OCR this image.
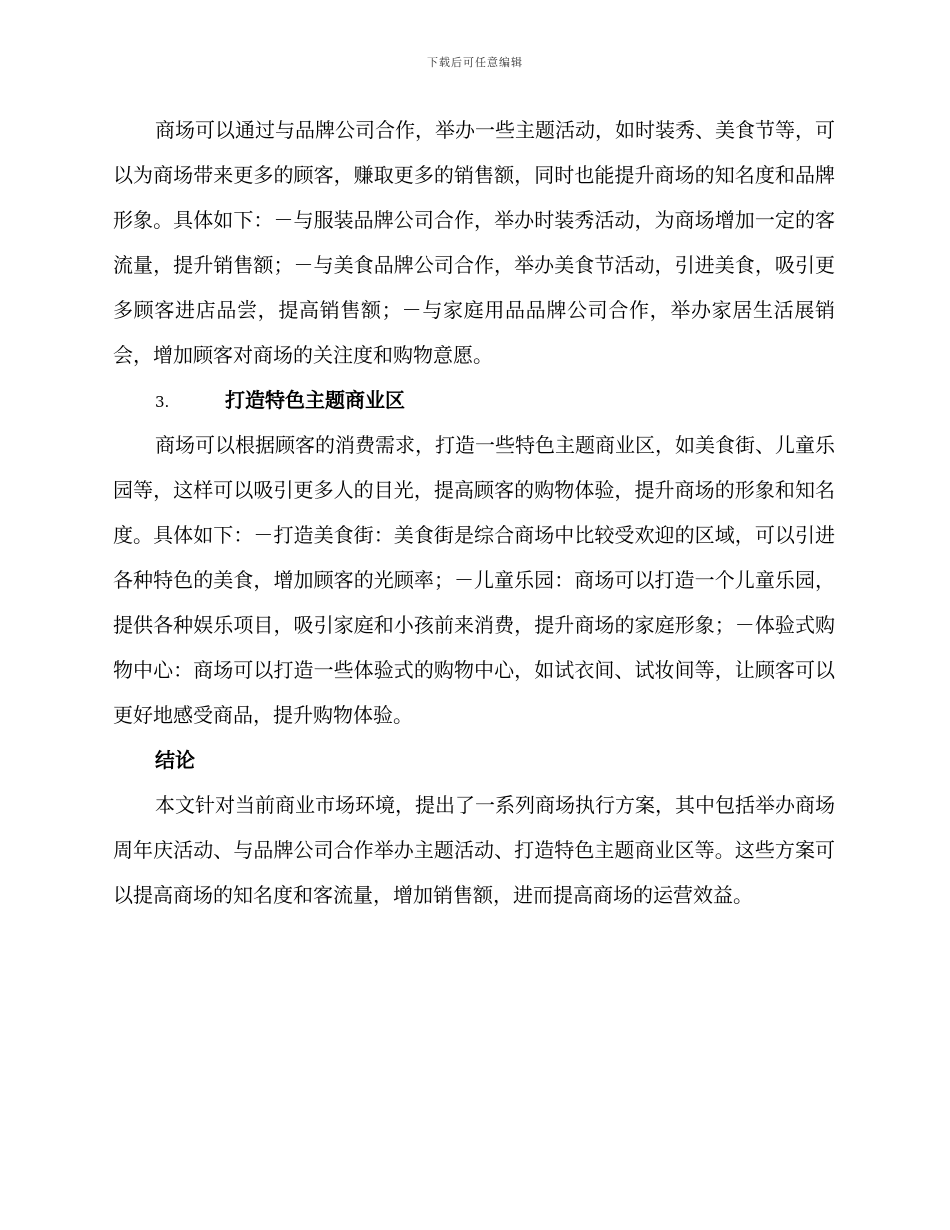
下载后可任意编辑

商场可以通过与品牌公司合作，举办一些主题活动，如时装秀、美食节等，可以为商场带来更多的顾客，赚取更多的销售额，同时也能提升商场的知名度和品牌形象。具体如下：－与服装品牌公司合作，举办时装秀活动，为商场增加一定的客流量，提升销售额；－与美食品牌公司合作，举办美食节活动，引进美食，吸引更多顾客进店品尝，提高销售额；－与家庭用品品牌公司合作，举办家居生活展销会，增加顾客对商场的关注度和购物意愿。

3.	打造特色主题商业区

商场可以根据顾客的消费需求，打造一些特色主题商业区，如美食街、儿童乐园等，这样可以吸引更多人的目光，提高顾客的购物体验，提升商场的形象和知名度。具体如下：－打造美食街：美食街是综合商场中比较受欢迎的区域，可以引进各种特色的美食，增加顾客的光顾率；－儿童乐园：商场可以打造一个儿童乐园，提供各种娱乐项目，吸引家庭和小孩前来消费，提升商场的家庭形象；－体验式购物中心：商场可以打造一些体验式的购物中心，如试衣间、试妆间等，让顾客可以更好地感受商品，提升购物体验。

结论

本文针对当前商业市场环境，提出了一系列商场执行方案，其中包括举办商场周年庆活动、与品牌公司合作举办主题活动、打造特色主题商业区等。这些方案可以提高商场的知名度和客流量，增加销售额，进而提高商场的运营效益。
